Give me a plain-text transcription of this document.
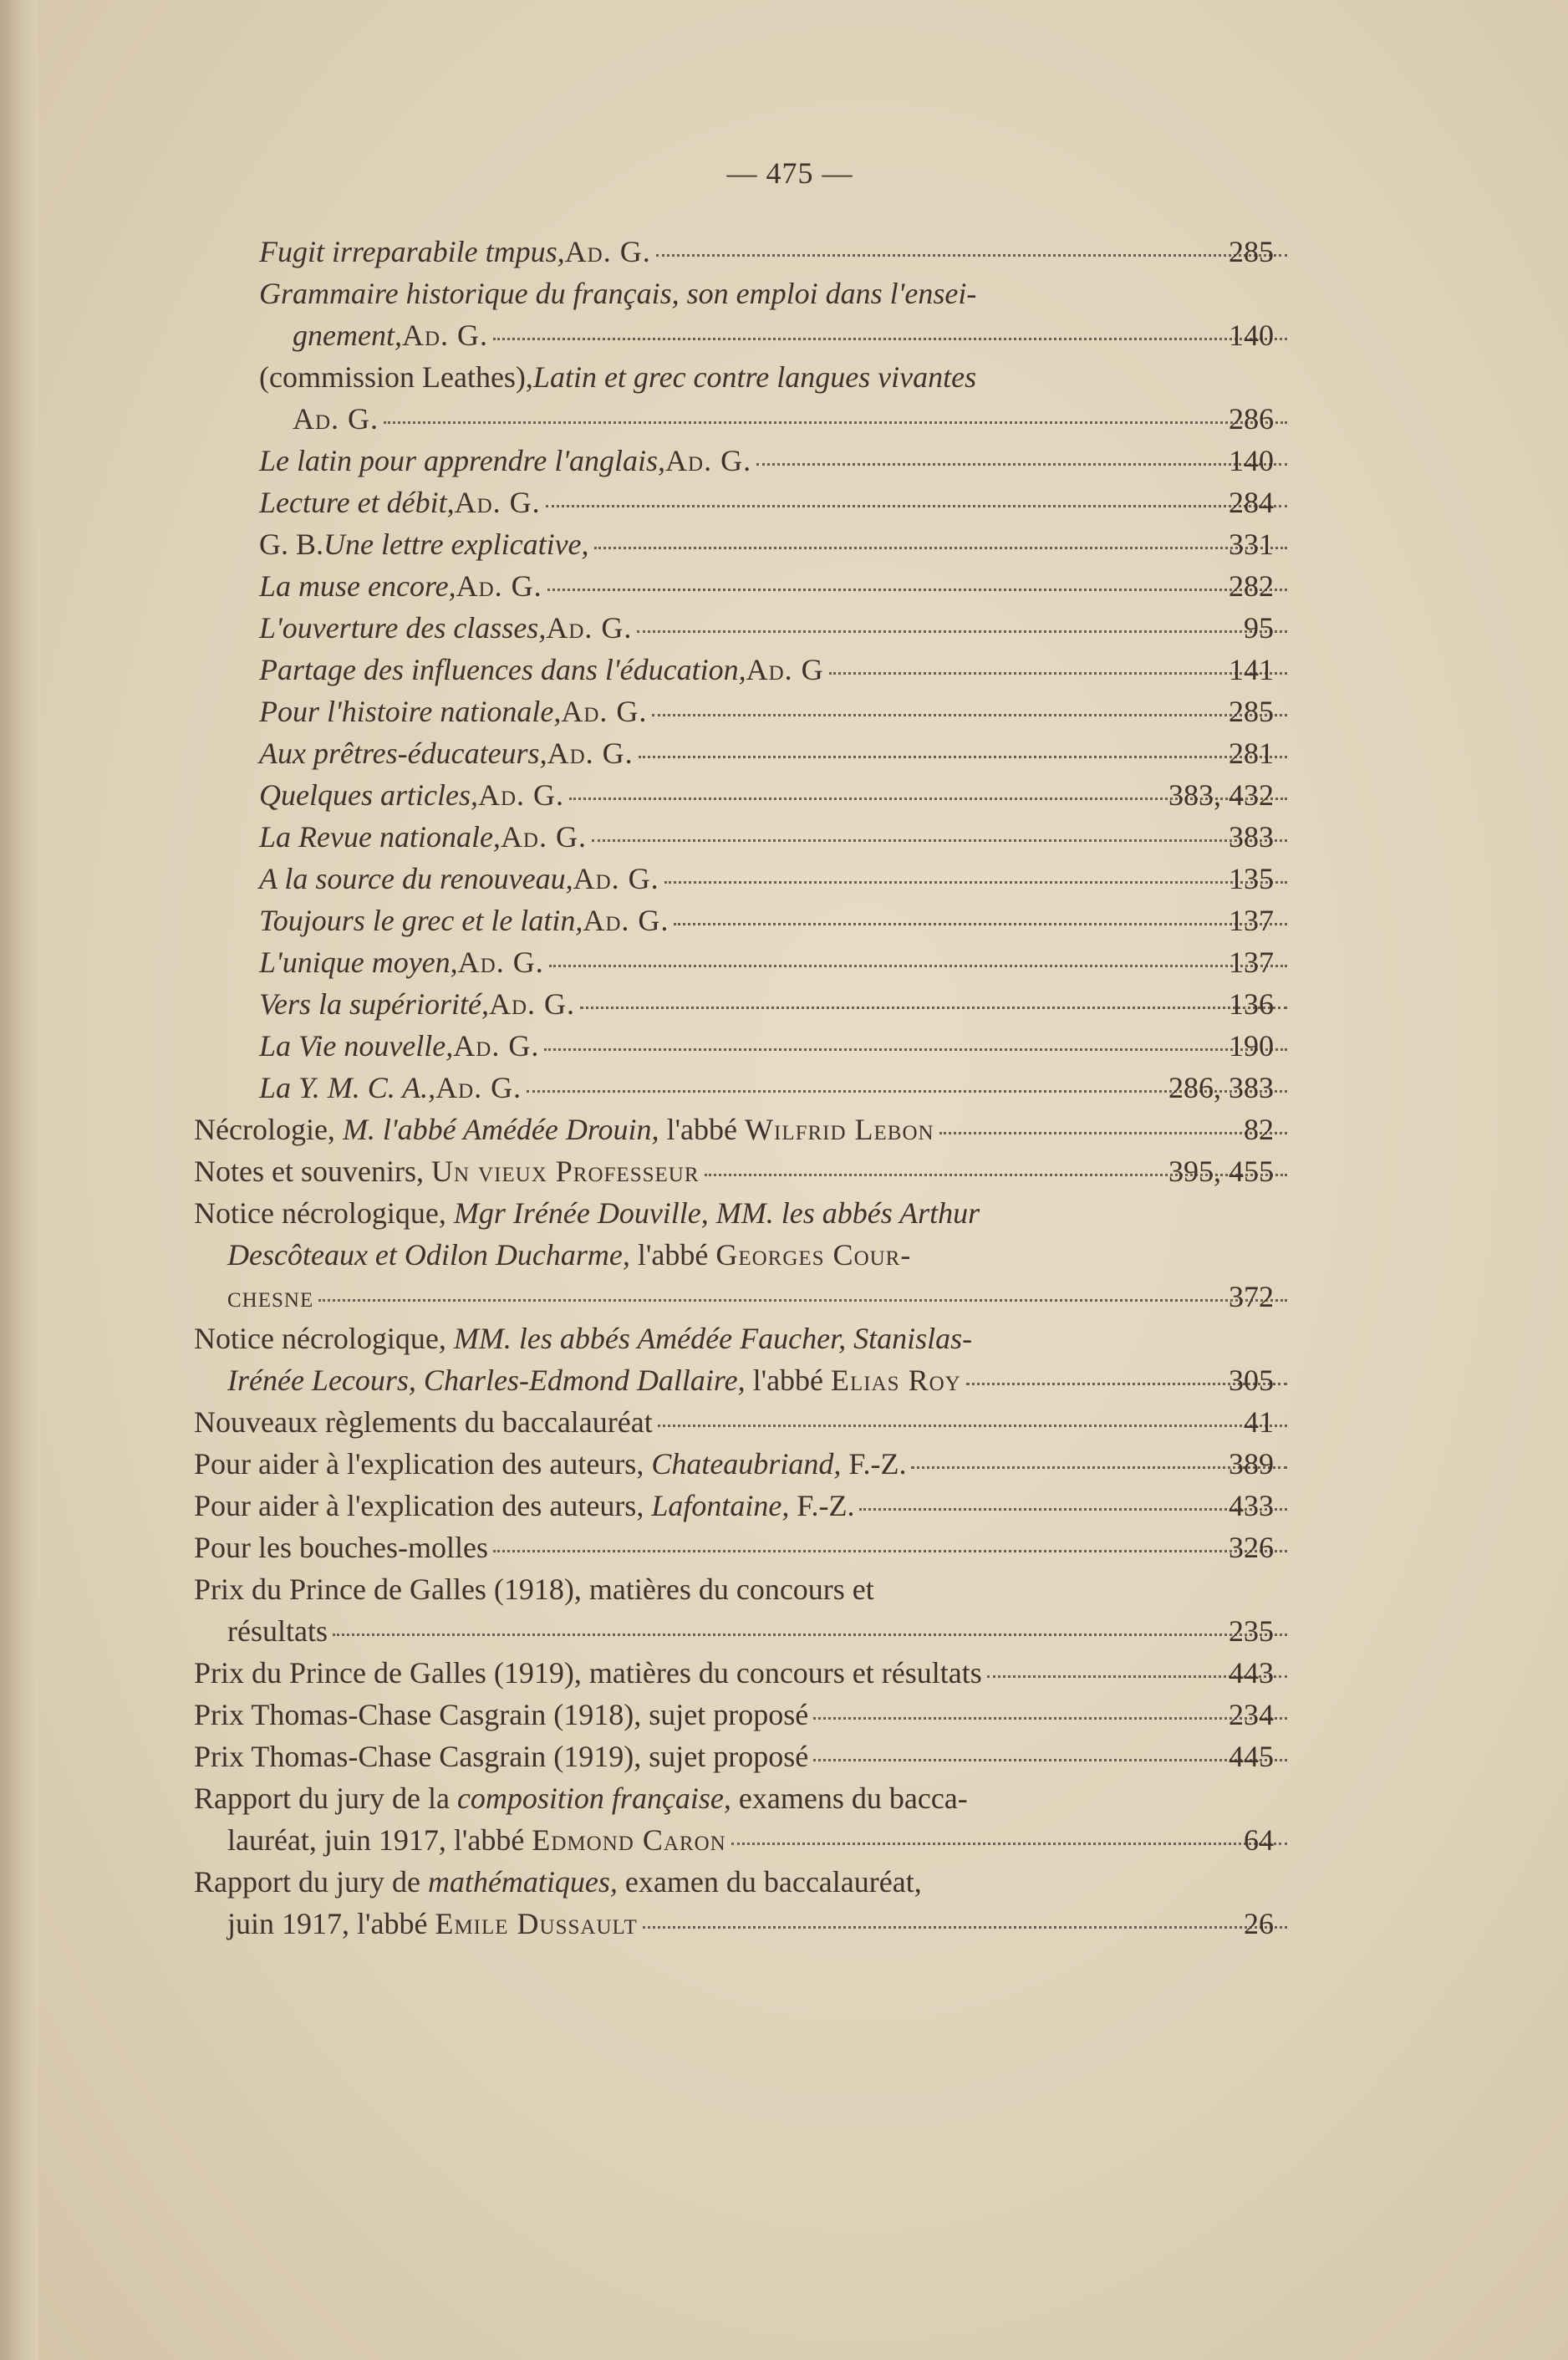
— 475 —
Fugit irreparabile tmpus,Ad. G.	285
Grammaire historique du français, son emploi dans l'ensei-
gnement,Ad. G.	140
(commission Leathes),Latin et grec contre langues vivantes
Ad. G.	286
Le latin pour apprendre l'anglais,Ad. G.	140
Lecture et débit,Ad. G.	284
G. B.Une lettre explicative,	331
La muse encore,Ad. G.	282
L'ouverture des classes,Ad. G.	95
Partage des influences dans l'éducation,Ad. G	141
Pour l'histoire nationale,Ad. G.	285
Aux prêtres-éducateurs,Ad. G.	281
Quelques articles,Ad. G.	383, 432
La Revue nationale,Ad. G.	383
A la source du renouveau,Ad. G.	135
Toujours le grec et le latin,Ad. G.	137
L'unique moyen,Ad. G.	137
Vers la supériorité,Ad. G.	136
La Vie nouvelle,Ad. G.	190
La Y. M. C. A.,Ad. G.	286, 383
Nécrologie, M. l'abbé Amédée Drouin, l'abbé Wilfrid Lebon	82
Notes et souvenirs, Un vieux Professeur	395, 455
Notice nécrologique, Mgr Irénée Douville, MM. les abbés Arthur
Descôteaux et Odilon Ducharme, l'abbé Georges Cour-
chesne	372
Notice nécrologique, MM. les abbés Amédée Faucher, Stanislas-
Irénée Lecours, Charles-Edmond Dallaire, l'abbé Elias Roy	305
Nouveaux règlements du baccalauréat	41
Pour aider à l'explication des auteurs, Chateaubriand, F.-Z.	389
Pour aider à l'explication des auteurs, Lafontaine, F.-Z.	433
Pour les bouches-molles	326
Prix du Prince de Galles (1918), matières du concours et
résultats	235
Prix du Prince de Galles (1919), matières du concours et résultats	443
Prix Thomas-Chase Casgrain (1918), sujet proposé	234
Prix Thomas-Chase Casgrain (1919), sujet proposé	445
Rapport du jury de la composition française, examens du bacca-
lauréat, juin 1917, l'abbé Edmond Caron	64
Rapport du jury de mathématiques, examen du baccalauréat,
juin 1917, l'abbé Emile Dussault	26
